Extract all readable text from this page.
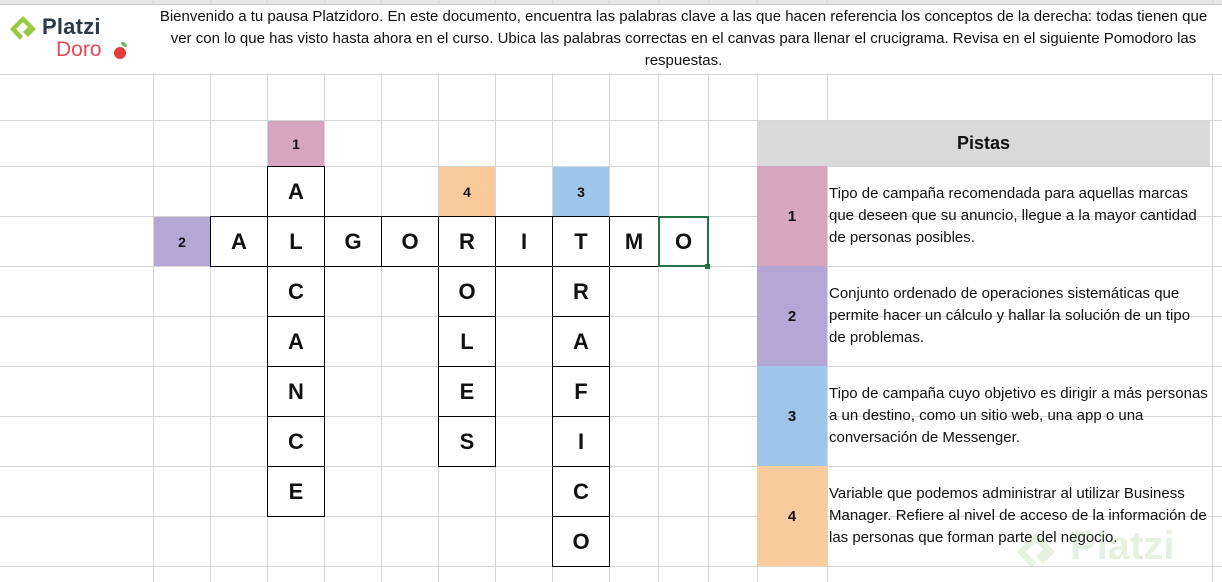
Platzi
Doro
Bienvenido a tu pausa Platzidoro. En este documento, encuentra las palabras clave a las que hacen referencia los conceptos de la derecha: todas tienen que ver con lo que has visto hasta ahora en el curso. Ubica las palabras correctas en el canvas para llenar el crucigrama. Revisa en el siguiente Pomodoro las respuestas.
1
2
4	3
A	L	G	O	R	I	T	M	O
A
C
A
N
C
E
O
L
E
S
R
A
F
I
C
O
Pistas
1
Tipo de campaña recomendada para aquellas marcas que deseen que su anuncio, llegue a la mayor cantidad de personas posibles.
2
Conjunto ordenado de operaciones sistemáticas que permite hacer un cálculo y hallar la solución de un tipo de problemas.
3
Tipo de campaña cuyo objetivo es dirigir a más personas a un destino, como un sitio web, una app o una conversación de Messenger.
4
Variable que podemos administrar al utilizar Business Manager. Refiere al nivel de acceso de la información de las personas que forman parte del negocio.
Platzi
